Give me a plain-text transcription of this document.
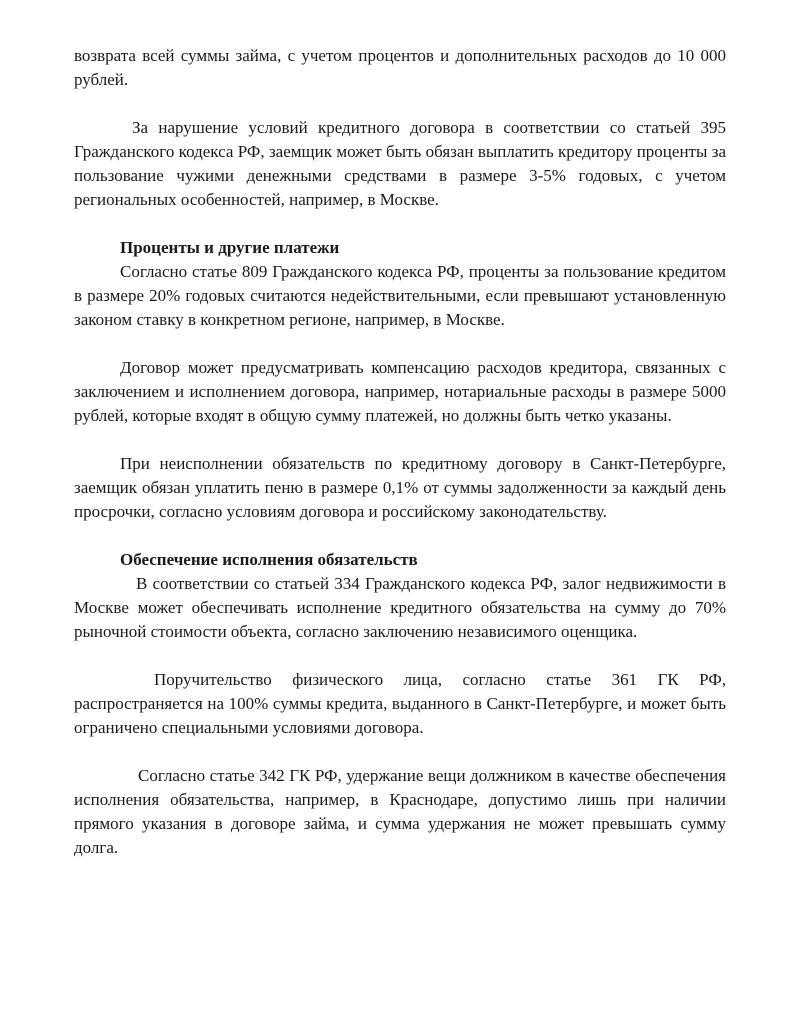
возврата всей суммы займа, с учетом процентов и дополнительных расходов до 10 000 рублей.

За нарушение условий кредитного договора в соответствии со статьей 395 Гражданского кодекса РФ, заемщик может быть обязан выплатить кредитору проценты за пользование чужими денежными средствами в размере 3-5% годовых, с учетом региональных особенностей, например, в Москве.

Проценты и другие платежи

Согласно статье 809 Гражданского кодекса РФ, проценты за пользование кредитом в размере 20% годовых считаются недействительными, если превышают установленную законом ставку в конкретном регионе, например, в Москве.

Договор может предусматривать компенсацию расходов кредитора, связанных с заключением и исполнением договора, например, нотариальные расходы в размере 5000 рублей, которые входят в общую сумму платежей, но должны быть четко указаны.

При неисполнении обязательств по кредитному договору в Санкт-Петербурге, заемщик обязан уплатить пеню в размере 0,1% от суммы задолженности за каждый день просрочки, согласно условиям договора и российскому законодательству.

Обеспечение исполнения обязательств

В соответствии со статьей 334 Гражданского кодекса РФ, залог недвижимости в Москве может обеспечивать исполнение кредитного обязательства на сумму до 70% рыночной стоимости объекта, согласно заключению независимого оценщика.

Поручительство физического лица, согласно статье 361 ГК РФ, распространяется на 100% суммы кредита, выданного в Санкт-Петербурге, и может быть ограничено специальными условиями договора.

Согласно статье 342 ГК РФ, удержание вещи должником в качестве обеспечения исполнения обязательства, например, в Краснодаре, допустимо лишь при наличии прямого указания в договоре займа, и сумма удержания не может превышать сумму долга.
